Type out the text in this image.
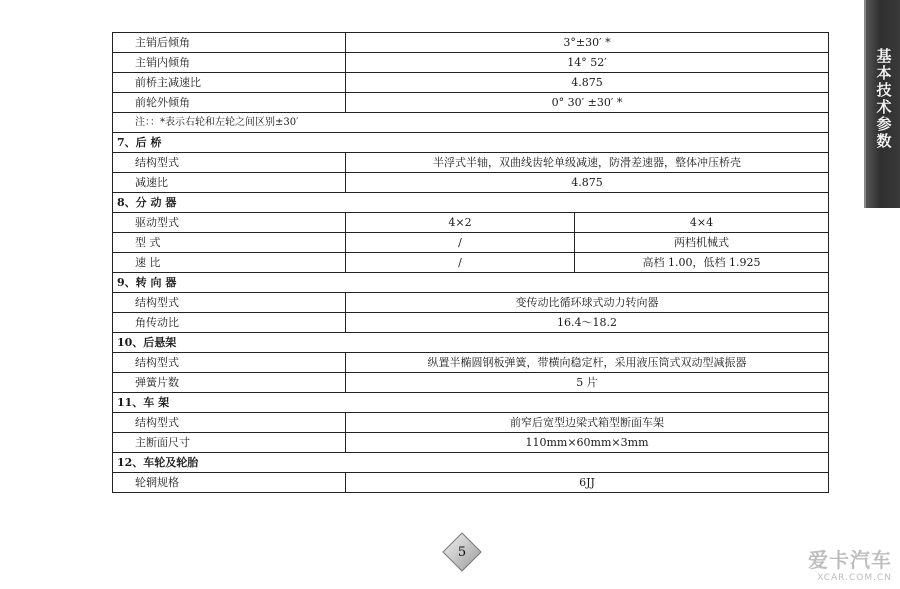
主销后倾角	3°±30′ *	
主销内倾角	14° 52′	
前桥主减速比	4.875	
前轮外倾角	0° 30′ ±30′ *	
注：：*表示右轮和左轮之间区别±30′		
7、后 桥		
结构型式	半浮式半轴，双曲线齿轮单级减速，防滑差速器，整体冲压桥壳	
减速比	4.875	
8、分 动 器		
驱动型式	4×2	4×4
型 式	/	两档机械式
速 比	/	高档 1.00，低档 1.925
9、转 向 器		
结构型式	变传动比循环球式动力转向器	
角传动比	16.4～18.2	
10、后悬架		
结构型式	纵置半椭圆钢板弹簧，带横向稳定杆，采用液压筒式双动型减振器	
弹簧片数	5 片	
11、车 架		
结构型式	前窄后宽型边梁式箱型断面车架	
主断面尺寸	110mm×60mm×3mm	
12、车轮及轮胎		
轮辋规格	6JJ	
基本技术参数
5	爱卡汽车
XCAR.COM.CN
